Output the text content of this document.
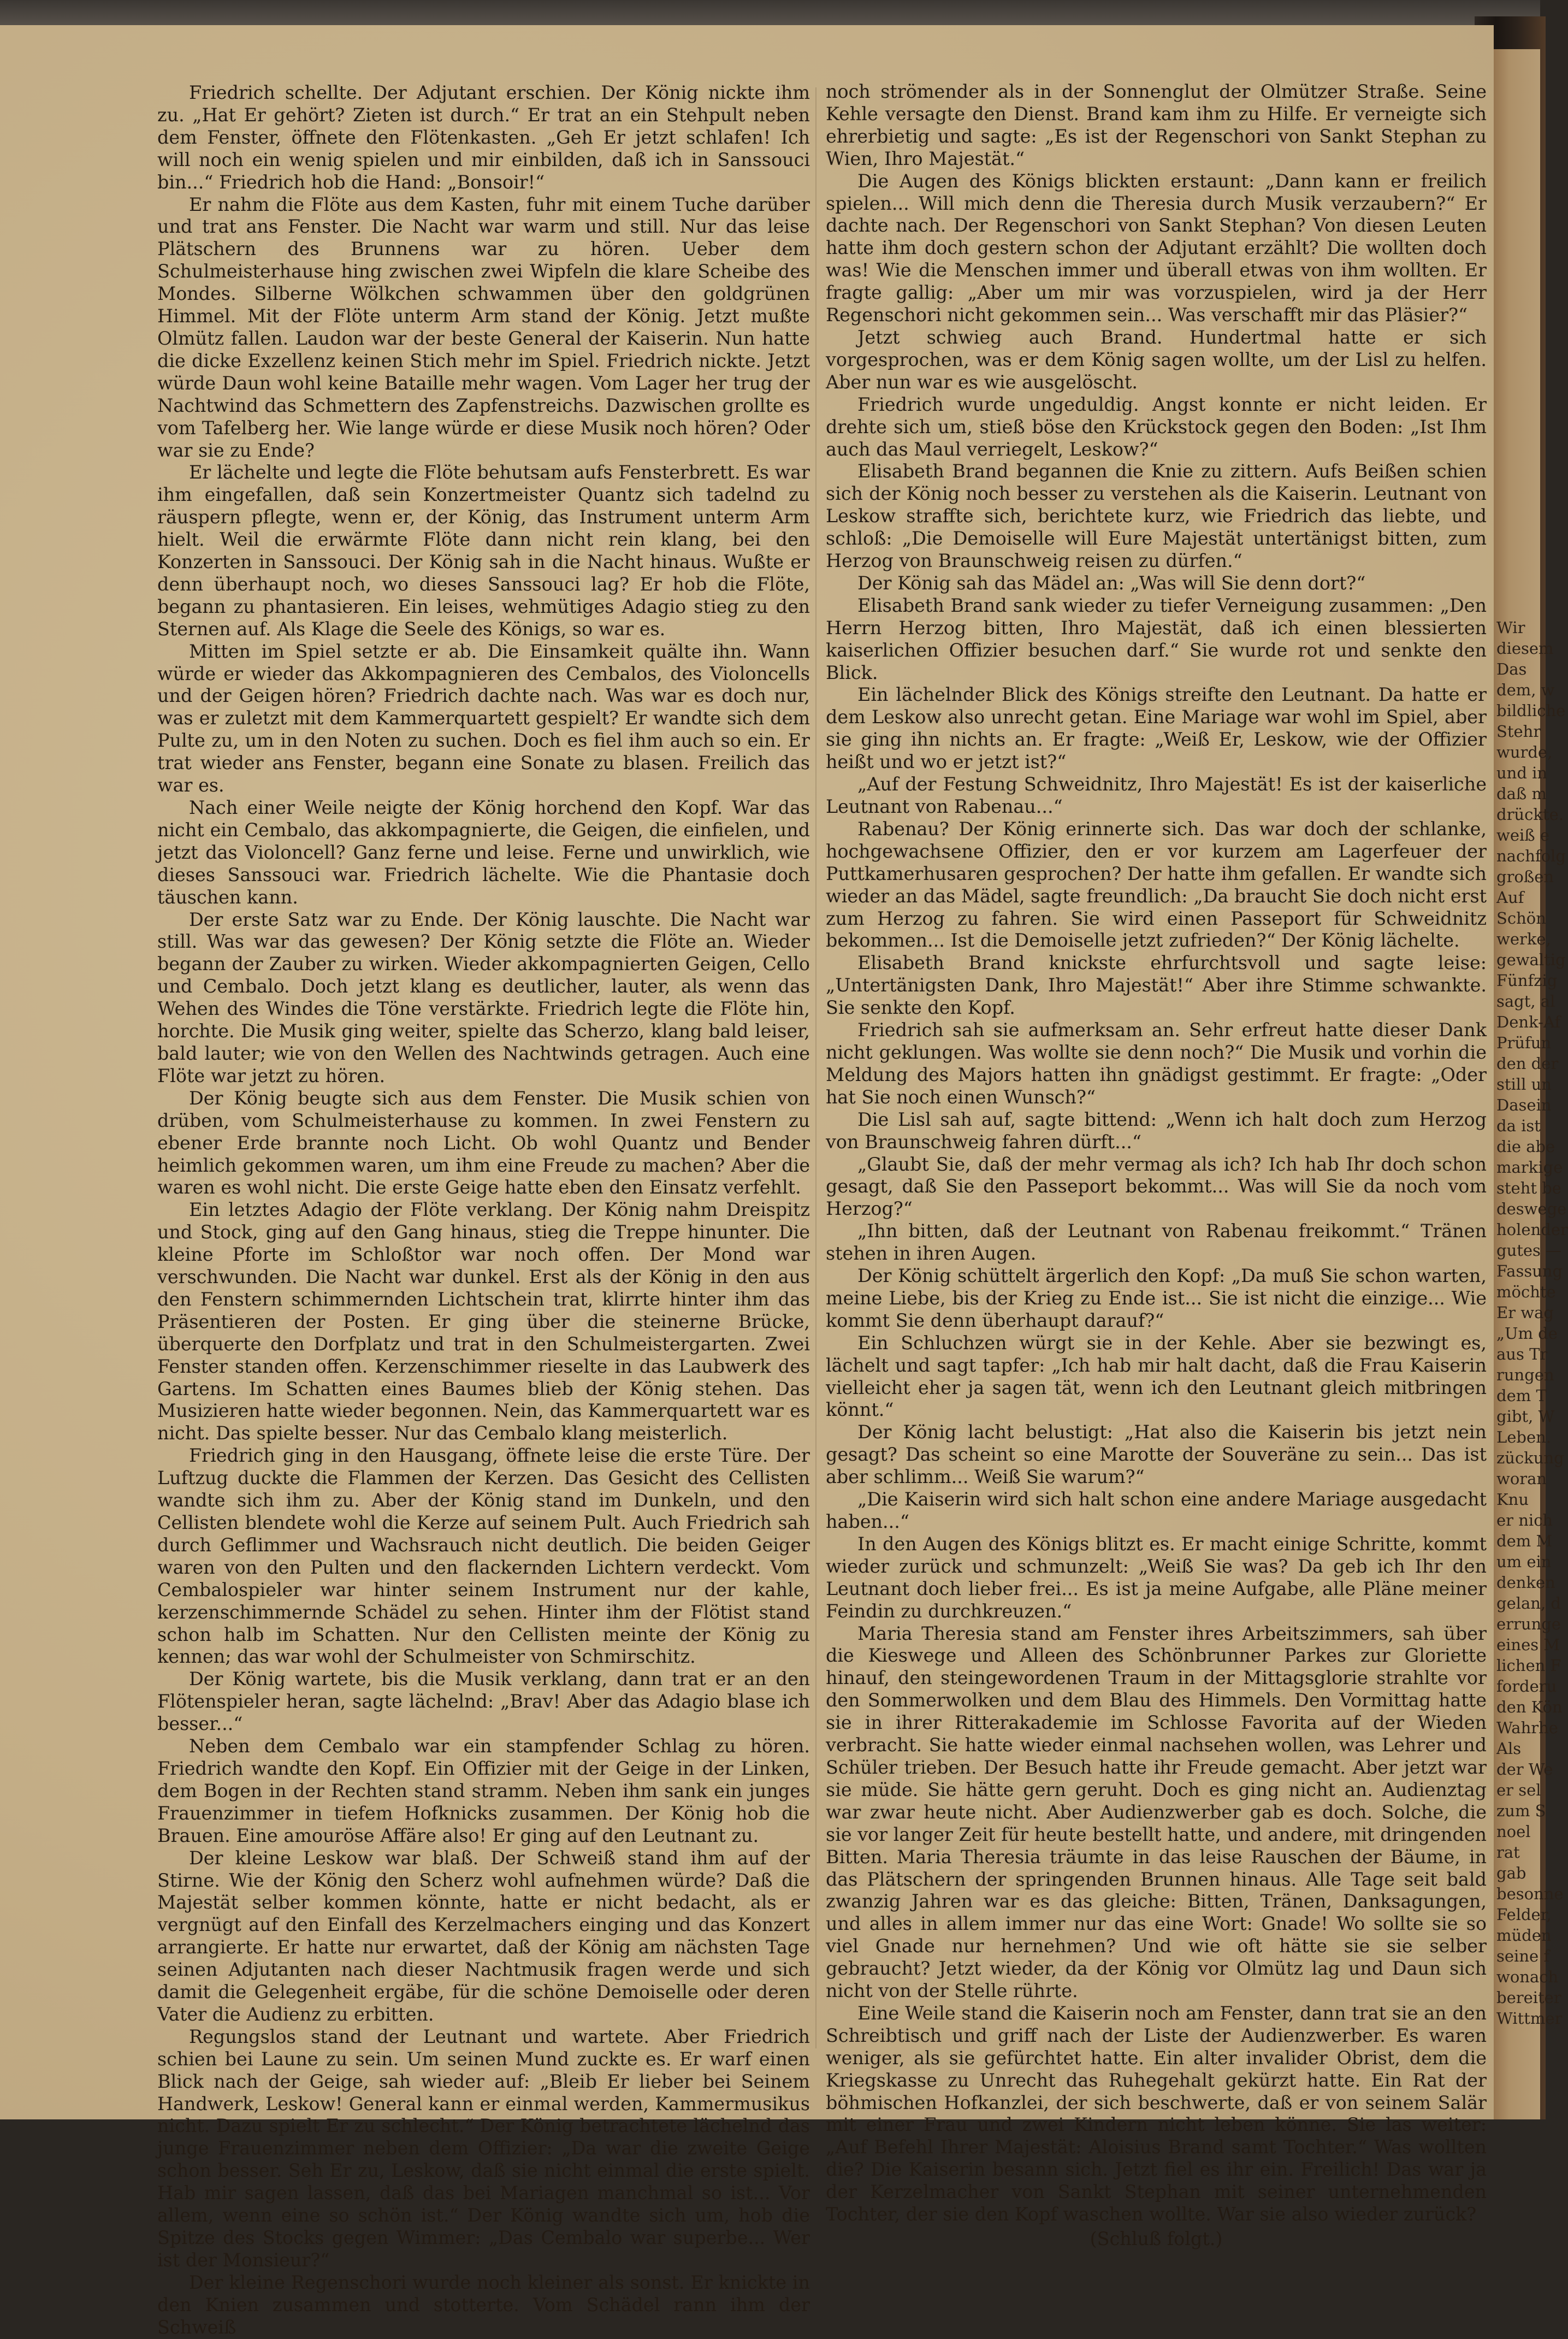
Wir

diesem

Das

dem, w

bildliche

Stehr

wurde,

und in

daß m

drückte.

weiß e

nachfolg

großen

Auf

Schön

werke,

gewaltig

Fünfzig

sagt, al

Denk-Af

Prüfun

den der

still un

Dasein

da ist

die abe

markige

steht be

deswege

holender

gutes —

Fassung

möchte

Er wag

„Um de

aus Tr

rungen

dem T

gibt, W

Leben.

zückung

woran

Knu

er nich

dem M

um ein

denken

gelan, d

errunge

eines M

lichen F

forderu

den Kön

Wahrhe

Als

der We

er sel

zum S

noel

rat

gab

besonne

Felder,

müden

seine f

wonach

bereiter

Wittmer

Friedrich schellte. Der Adjutant erschien. Der König nickte ihm zu. „Hat Er gehört? Zieten ist durch.“ Er trat an ein Stehpult neben dem Fenster, öffnete den Flötenkasten. „Geh Er jetzt schlafen! Ich will noch ein wenig spielen und mir einbilden, daß ich in Sanssouci bin...“ Friedrich hob die Hand: „Bonsoir!“

Er nahm die Flöte aus dem Kasten, fuhr mit einem Tuche darüber und trat ans Fenster. Die Nacht war warm und still. Nur das leise Plätschern des Brunnens war zu hören. Ueber dem Schulmeisterhause hing zwischen zwei Wipfeln die klare Scheibe des Mondes. Silberne Wölkchen schwammen über den goldgrünen Himmel. Mit der Flöte unterm Arm stand der König. Jetzt mußte Olmütz fallen. Laudon war der beste General der Kaiserin. Nun hatte die dicke Exzellenz keinen Stich mehr im Spiel. Friedrich nickte. Jetzt würde Daun wohl keine Bataille mehr wagen. Vom Lager her trug der Nachtwind das Schmettern des Zapfenstreichs. Dazwischen grollte es vom Tafelberg her. Wie lange würde er diese Musik noch hören? Oder war sie zu Ende?

Er lächelte und legte die Flöte behutsam aufs Fensterbrett. Es war ihm eingefallen, daß sein Konzertmeister Quantz sich tadelnd zu räuspern pflegte, wenn er, der König, das Instrument unterm Arm hielt. Weil die erwärmte Flöte dann nicht rein klang, bei den Konzerten in Sanssouci. Der König sah in die Nacht hinaus. Wußte er denn überhaupt noch, wo dieses Sanssouci lag? Er hob die Flöte, begann zu phantasieren. Ein leises, wehmütiges Adagio stieg zu den Sternen auf. Als Klage die Seele des Königs, so war es.

Mitten im Spiel setzte er ab. Die Einsamkeit quälte ihn. Wann würde er wieder das Akkompagnieren des Cembalos, des Violoncells und der Geigen hören? Friedrich dachte nach. Was war es doch nur, was er zuletzt mit dem Kammerquartett gespielt? Er wandte sich dem Pulte zu, um in den Noten zu suchen. Doch es fiel ihm auch so ein. Er trat wieder ans Fenster, begann eine Sonate zu blasen. Freilich das war es.

Nach einer Weile neigte der König horchend den Kopf. War das nicht ein Cembalo, das akkompagnierte, die Geigen, die einfielen, und jetzt das Violoncell? Ganz ferne und leise. Ferne und unwirklich, wie dieses Sanssouci war. Friedrich lächelte. Wie die Phantasie doch täuschen kann.

Der erste Satz war zu Ende. Der König lauschte. Die Nacht war still. Was war das gewesen? Der König setzte die Flöte an. Wieder begann der Zauber zu wirken. Wieder akkompagnierten Geigen, Cello und Cembalo. Doch jetzt klang es deutlicher, lauter, als wenn das Wehen des Windes die Töne verstärkte. Friedrich legte die Flöte hin, horchte. Die Musik ging weiter, spielte das Scherzo, klang bald leiser, bald lauter; wie von den Wellen des Nachtwinds getragen. Auch eine Flöte war jetzt zu hören.

Der König beugte sich aus dem Fenster. Die Musik schien von drüben, vom Schulmeisterhause zu kommen. In zwei Fenstern zu ebener Erde brannte noch Licht. Ob wohl Quantz und Bender heimlich gekommen waren, um ihm eine Freude zu machen? Aber die waren es wohl nicht. Die erste Geige hatte eben den Einsatz verfehlt.

Ein letztes Adagio der Flöte verklang. Der König nahm Dreispitz und Stock, ging auf den Gang hinaus, stieg die Treppe hinunter. Die kleine Pforte im Schloßtor war noch offen. Der Mond war verschwunden. Die Nacht war dunkel. Erst als der König in den aus den Fenstern schimmernden Lichtschein trat, klirrte hinter ihm das Präsentieren der Posten. Er ging über die steinerne Brücke, überquerte den Dorfplatz und trat in den Schulmeistergarten. Zwei Fenster standen offen. Kerzenschimmer rieselte in das Laubwerk des Gartens. Im Schatten eines Baumes blieb der König stehen. Das Musizieren hatte wieder begonnen. Nein, das Kammerquartett war es nicht. Das spielte besser. Nur das Cembalo klang meisterlich.

Friedrich ging in den Hausgang, öffnete leise die erste Türe. Der Luftzug duckte die Flammen der Kerzen. Das Gesicht des Cellisten wandte sich ihm zu. Aber der König stand im Dunkeln, und den Cellisten blendete wohl die Kerze auf seinem Pult. Auch Friedrich sah durch Geflimmer und Wachsrauch nicht deutlich. Die beiden Geiger waren von den Pulten und den flackernden Lichtern verdeckt. Vom Cembalospieler war hinter seinem Instrument nur der kahle, kerzenschimmernde Schädel zu sehen. Hinter ihm der Flötist stand schon halb im Schatten. Nur den Cellisten meinte der König zu kennen; das war wohl der Schulmeister von Schmirschitz.

Der König wartete, bis die Musik verklang, dann trat er an den Flötenspieler heran, sagte lächelnd: „Brav! Aber das Adagio blase ich besser...“

Neben dem Cembalo war ein stampfender Schlag zu hören. Friedrich wandte den Kopf. Ein Offizier mit der Geige in der Linken, dem Bogen in der Rechten stand stramm. Neben ihm sank ein junges Frauenzimmer in tiefem Hofknicks zusammen. Der König hob die Brauen. Eine amouröse Affäre also! Er ging auf den Leutnant zu.

Der kleine Leskow war blaß. Der Schweiß stand ihm auf der Stirne. Wie der König den Scherz wohl aufnehmen würde? Daß die Majestät selber kommen könnte, hatte er nicht bedacht, als er vergnügt auf den Einfall des Kerzelmachers einging und das Konzert arrangierte. Er hatte nur erwartet, daß der König am nächsten Tage seinen Adjutanten nach dieser Nachtmusik fragen werde und sich damit die Gelegenheit ergäbe, für die schöne Demoiselle oder deren Vater die Audienz zu erbitten.

Regungslos stand der Leutnant und wartete. Aber Friedrich schien bei Laune zu sein. Um seinen Mund zuckte es. Er warf einen Blick nach der Geige, sah wieder auf: „Bleib Er lieber bei Seinem Handwerk, Leskow! General kann er einmal werden, Kammermusikus nicht. Dazu spielt Er zu schlecht.“ Der König betrachtete lächelnd das junge Frauenzimmer neben dem Offizier: „Da war die zweite Geige schon besser. Seh Er zu, Leskow, daß sie nicht einmal die erste spielt. Hab mir sagen lassen, daß das bei Mariagen manchmal so ist... Vor allem, wenn eine so schön ist.“ Der König wandte sich um, hob die Spitze des Stocks gegen Wimmer: „Das Cembalo war superbe... Wer ist der Monsieur?“

Der kleine Regenschori wurde noch kleiner als sonst. Er knickte in den Knien zusammen und stotterte. Vom Schädel rann ihm der Schweiß

noch strömender als in der Sonnenglut der Olmützer Straße. Seine Kehle versagte den Dienst. Brand kam ihm zu Hilfe. Er verneigte sich ehrerbietig und sagte: „Es ist der Regenschori von Sankt Stephan zu Wien, Ihro Majestät.“

Die Augen des Königs blickten erstaunt: „Dann kann er freilich spielen... Will mich denn die Theresia durch Musik verzaubern?“ Er dachte nach. Der Regenschori von Sankt Stephan? Von diesen Leuten hatte ihm doch gestern schon der Adjutant erzählt? Die wollten doch was! Wie die Menschen immer und überall etwas von ihm wollten. Er fragte gallig: „Aber um mir was vorzuspielen, wird ja der Herr Regenschori nicht gekommen sein... Was verschafft mir das Pläsier?“

Jetzt schwieg auch Brand. Hundertmal hatte er sich vorgesprochen, was er dem König sagen wollte, um der Lisl zu helfen. Aber nun war es wie ausgelöscht.

Friedrich wurde ungeduldig. Angst konnte er nicht leiden. Er drehte sich um, stieß böse den Krückstock gegen den Boden: „Ist Ihm auch das Maul verriegelt, Leskow?“

Elisabeth Brand begannen die Knie zu zittern. Aufs Beißen schien sich der König noch besser zu verstehen als die Kaiserin. Leutnant von Leskow straffte sich, berichtete kurz, wie Friedrich das liebte, und schloß: „Die Demoiselle will Eure Majestät untertänigst bitten, zum Herzog von Braunschweig reisen zu dürfen.“

Der König sah das Mädel an: „Was will Sie denn dort?“

Elisabeth Brand sank wieder zu tiefer Verneigung zusammen: „Den Herrn Herzog bitten, Ihro Majestät, daß ich einen blessierten kaiserlichen Offizier besuchen darf.“ Sie wurde rot und senkte den Blick.

Ein lächelnder Blick des Königs streifte den Leutnant. Da hatte er dem Leskow also unrecht getan. Eine Mariage war wohl im Spiel, aber sie ging ihn nichts an. Er fragte: „Weiß Er, Leskow, wie der Offizier heißt und wo er jetzt ist?“

„Auf der Festung Schweidnitz, Ihro Majestät! Es ist der kaiserliche Leutnant von Rabenau...“

Rabenau? Der König erinnerte sich. Das war doch der schlanke, hochgewachsene Offizier, den er vor kurzem am Lagerfeuer der Puttkamerhusaren gesprochen? Der hatte ihm gefallen. Er wandte sich wieder an das Mädel, sagte freundlich: „Da braucht Sie doch nicht erst zum Herzog zu fahren. Sie wird einen Passeport für Schweidnitz bekommen... Ist die Demoiselle jetzt zufrieden?“ Der König lächelte.

Elisabeth Brand knickste ehrfurchtsvoll und sagte leise: „Untertänigsten Dank, Ihro Majestät!“ Aber ihre Stimme schwankte. Sie senkte den Kopf.

Friedrich sah sie aufmerksam an. Sehr erfreut hatte dieser Dank nicht geklungen. Was wollte sie denn noch?“ Die Musik und vorhin die Meldung des Majors hatten ihn gnädigst gestimmt. Er fragte: „Oder hat Sie noch einen Wunsch?“

Die Lisl sah auf, sagte bittend: „Wenn ich halt doch zum Herzog von Braunschweig fahren dürft...“

„Glaubt Sie, daß der mehr vermag als ich? Ich hab Ihr doch schon gesagt, daß Sie den Passeport bekommt... Was will Sie da noch vom Herzog?“

„Ihn bitten, daß der Leutnant von Rabenau freikommt.“ Tränen stehen in ihren Augen.

Der König schüttelt ärgerlich den Kopf: „Da muß Sie schon warten, meine Liebe, bis der Krieg zu Ende ist... Sie ist nicht die einzige... Wie kommt Sie denn überhaupt darauf?“

Ein Schluchzen würgt sie in der Kehle. Aber sie bezwingt es, lächelt und sagt tapfer: „Ich hab mir halt dacht, daß die Frau Kaiserin vielleicht eher ja sagen tät, wenn ich den Leutnant gleich mitbringen könnt.“

Der König lacht belustigt: „Hat also die Kaiserin bis jetzt nein gesagt? Das scheint so eine Marotte der Souveräne zu sein... Das ist aber schlimm... Weiß Sie warum?“

„Die Kaiserin wird sich halt schon eine andere Mariage ausgedacht haben...“

In den Augen des Königs blitzt es. Er macht einige Schritte, kommt wieder zurück und schmunzelt: „Weiß Sie was? Da geb ich Ihr den Leutnant doch lieber frei... Es ist ja meine Aufgabe, alle Pläne meiner Feindin zu durchkreuzen.“

Maria Theresia stand am Fenster ihres Arbeitszimmers, sah über die Kieswege und Alleen des Schönbrunner Parkes zur Gloriette hinauf, den steingewordenen Traum in der Mittagsglorie strahlte vor den Sommerwolken und dem Blau des Himmels. Den Vormittag hatte sie in ihrer Ritterakademie im Schlosse Favorita auf der Wieden verbracht. Sie hatte wieder einmal nachsehen wollen, was Lehrer und Schüler trieben. Der Besuch hatte ihr Freude gemacht. Aber jetzt war sie müde. Sie hätte gern geruht. Doch es ging nicht an. Audienztag war zwar heute nicht. Aber Audienzwerber gab es doch. Solche, die sie vor langer Zeit für heute bestellt hatte, und andere, mit dringenden Bitten. Maria Theresia träumte in das leise Rauschen der Bäume, in das Plätschern der springenden Brunnen hinaus. Alle Tage seit bald zwanzig Jahren war es das gleiche: Bitten, Tränen, Danksagungen, und alles in allem immer nur das eine Wort: Gnade! Wo sollte sie so viel Gnade nur hernehmen? Und wie oft hätte sie sie selber gebraucht? Jetzt wieder, da der König vor Olmütz lag und Daun sich nicht von der Stelle rührte.

Eine Weile stand die Kaiserin noch am Fenster, dann trat sie an den Schreibtisch und griff nach der Liste der Audienzwerber. Es waren weniger, als sie gefürchtet hatte. Ein alter invalider Obrist, dem die Kriegskasse zu Unrecht das Ruhegehalt gekürzt hatte. Ein Rat der böhmischen Hofkanzlei, der sich beschwerte, daß er von seinem Salär mit einer Frau und zwei Kindern nicht leben könne. Sie las weiter: „Auf Befehl Ihrer Majestät: Aloisius Brand samt Tochter.“ Was wollten die? Die Kaiserin besann sich. Jetzt fiel es ihr ein. Freilich! Das war ja der Kerzelmacher von Sankt Stephan mit seiner unternehmenden Tochter, der sie den Kopf waschen wollte. War sie also wieder zurück?

(Schluß folgt.)
